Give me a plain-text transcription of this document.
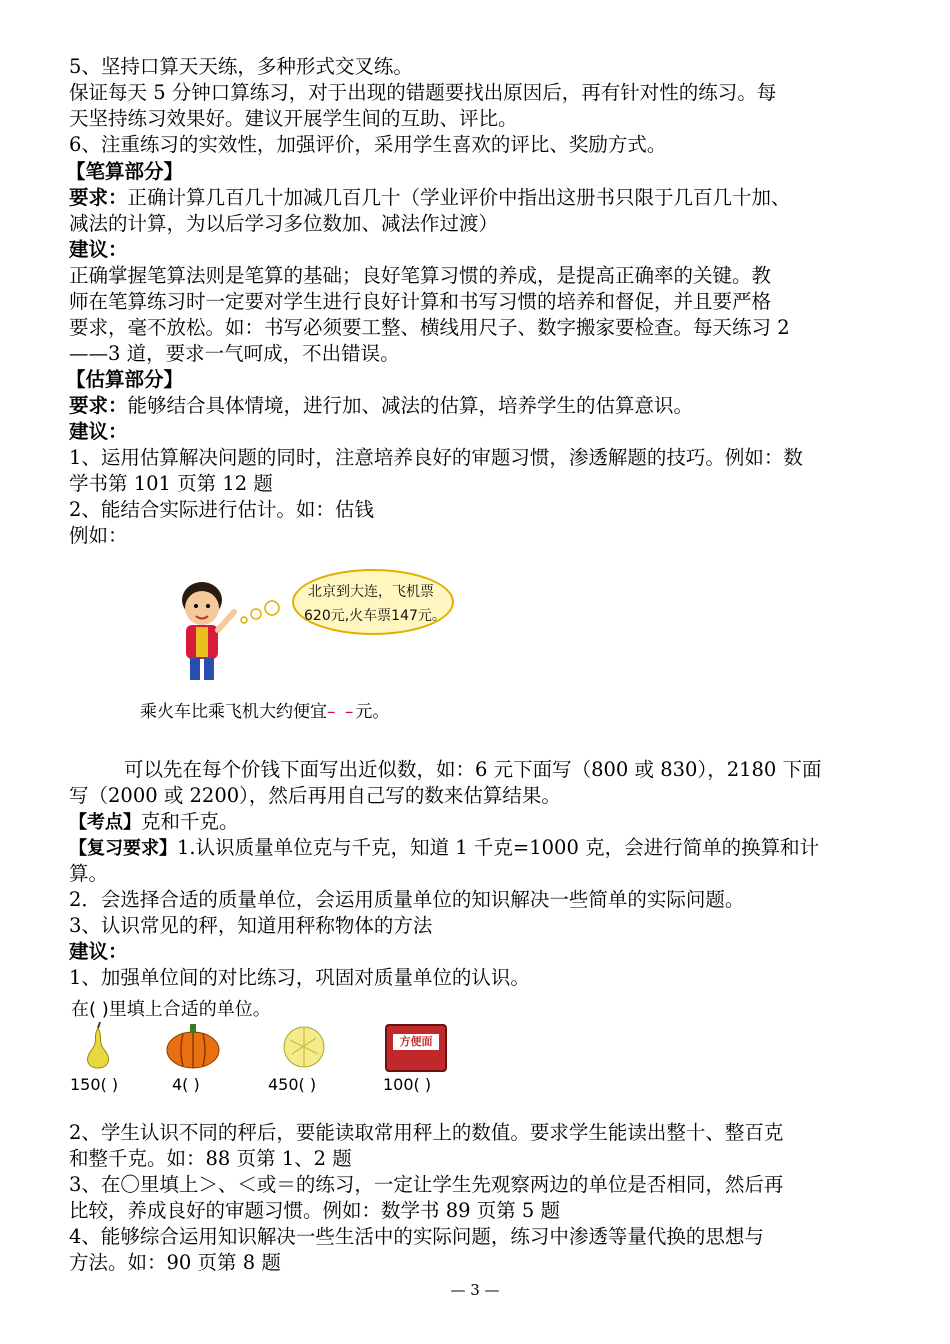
5、坚持口算天天练，多种形式交叉练。
保证每天 5 分钟口算练习，对于出现的错题要找出原因后，再有针对性的练习。每
天坚持练习效果好。建议开展学生间的互助、评比。
6、注重练习的实效性，加强评价，采用学生喜欢的评比、奖励方式。
【笔算部分】
要求：正确计算几百几十加减几百几十（学业评价中指出这册书只限于几百几十加、
减法的计算，为以后学习多位数加、减法作过渡）
建议：
正确掌握笔算法则是笔算的基础；良好笔算习惯的养成，是提高正确率的关键。教
师在笔算练习时一定要对学生进行良好计算和书写习惯的培养和督促，并且要严格
要求，毫不放松。如：书写必须要工整、横线用尺子、数字搬家要检查。每天练习 2
——3 道，要求一气呵成，不出错误。
【估算部分】
要求：能够结合具体情境，进行加、减法的估算，培养学生的估算意识。
建议：
1、运用估算解决问题的同时，注意培养良好的审题习惯，渗透解题的技巧。例如：数
学书第 101 页第 12 题
2、能结合实际进行估计。如：估钱
例如：
北京到大连，飞机票
620元,火车票147元。
乘火车比乘飞机大约便宜– –元。
可以先在每个价钱下面写出近似数，如：6 元下面写（800 或 830），2180 下面
写（2000 或 2200），然后再用自己写的数来估算结果。
【考点】克和千克。
【复习要求】1.认识质量单位克与千克，知道 1 千克=1000 克，会进行简单的换算和计
算。
2．会选择合适的质量单位，会运用质量单位的知识解决一些简单的实际问题。
3、认识常见的秤，知道用秤称物体的方法
建议：
1、加强单位间的对比练习，巩固对质量单位的认识。
在( )里填上合适的单位。
方便面
150( )	4( )	450( )	100( )
2、学生认识不同的秤后，要能读取常用秤上的数值。要求学生能读出整十、整百克
和整千克。如：88 页第 1、2 题
3、在〇里填上＞、＜或＝的练习，一定让学生先观察两边的单位是否相同，然后再
比较，养成良好的审题习惯。例如：数学书 89 页第 5 题
4、能够综合运用知识解决一些生活中的实际问题，练习中渗透等量代换的思想与
方法。如：90 页第 8 题
— 3 —
